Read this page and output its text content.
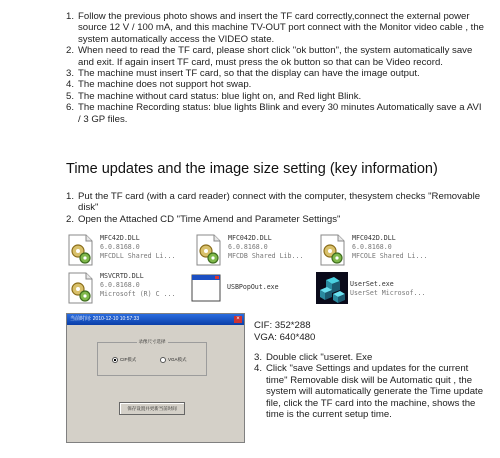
1. Follow the previous photo shows and insert the TF card correctly,connect the external power source 12 V / 100 mA, and this machine TV-OUT port connect with the Monitor video cable , the system automatically access the VIDEO state.
2. When need to read the TF card, please short click "ok button", the system automatically save and exit. If again insert TF card, must press the ok button so that can be Video record.
3. The machine must insert TF card, so that the display can have the image output.
4. The machine does not support hot swap.
5. The machine without card status: blue light on, and Red light Blink.
6. The machine Recording status: blue lights Blink and every 30 minutes Automatically save a AVI / 3 GP files.
Time updates and the image size setting (key information)
1. Put the TF card (with a card reader) connect with the computer, thesystem checks "Removable disk"
2. Open the Attached CD "Time Amend and Parameter Settings"
MFC42D.DLL
6.0.8168.0
MFCDLL Shared Li...
MFC042D.DLL
6.0.8168.0
MFCDB Shared Lib...
MFC042D.DLL
6.0.8168.0
MFCOLE Shared Li...
MSVCRTD.DLL
6.0.8168.0
Microsoft (R) C ...
USBPopOut.exe	UserSet.exe
UserSet Microsof...
当前时间: 2010-12-10 10:57:33	×
录像尺寸选择
CIF模式	VGA模式
保存设置并更新当前时间
CIF: 352*288
VGA: 640*480
3. Double click "useret. Exe
4. Click "save Settings and updates for the current time" Removable disk will be Automatic quit , the system will automatically generate the Time update file, click the TF card into the machine, shows the time is the current setup time.
